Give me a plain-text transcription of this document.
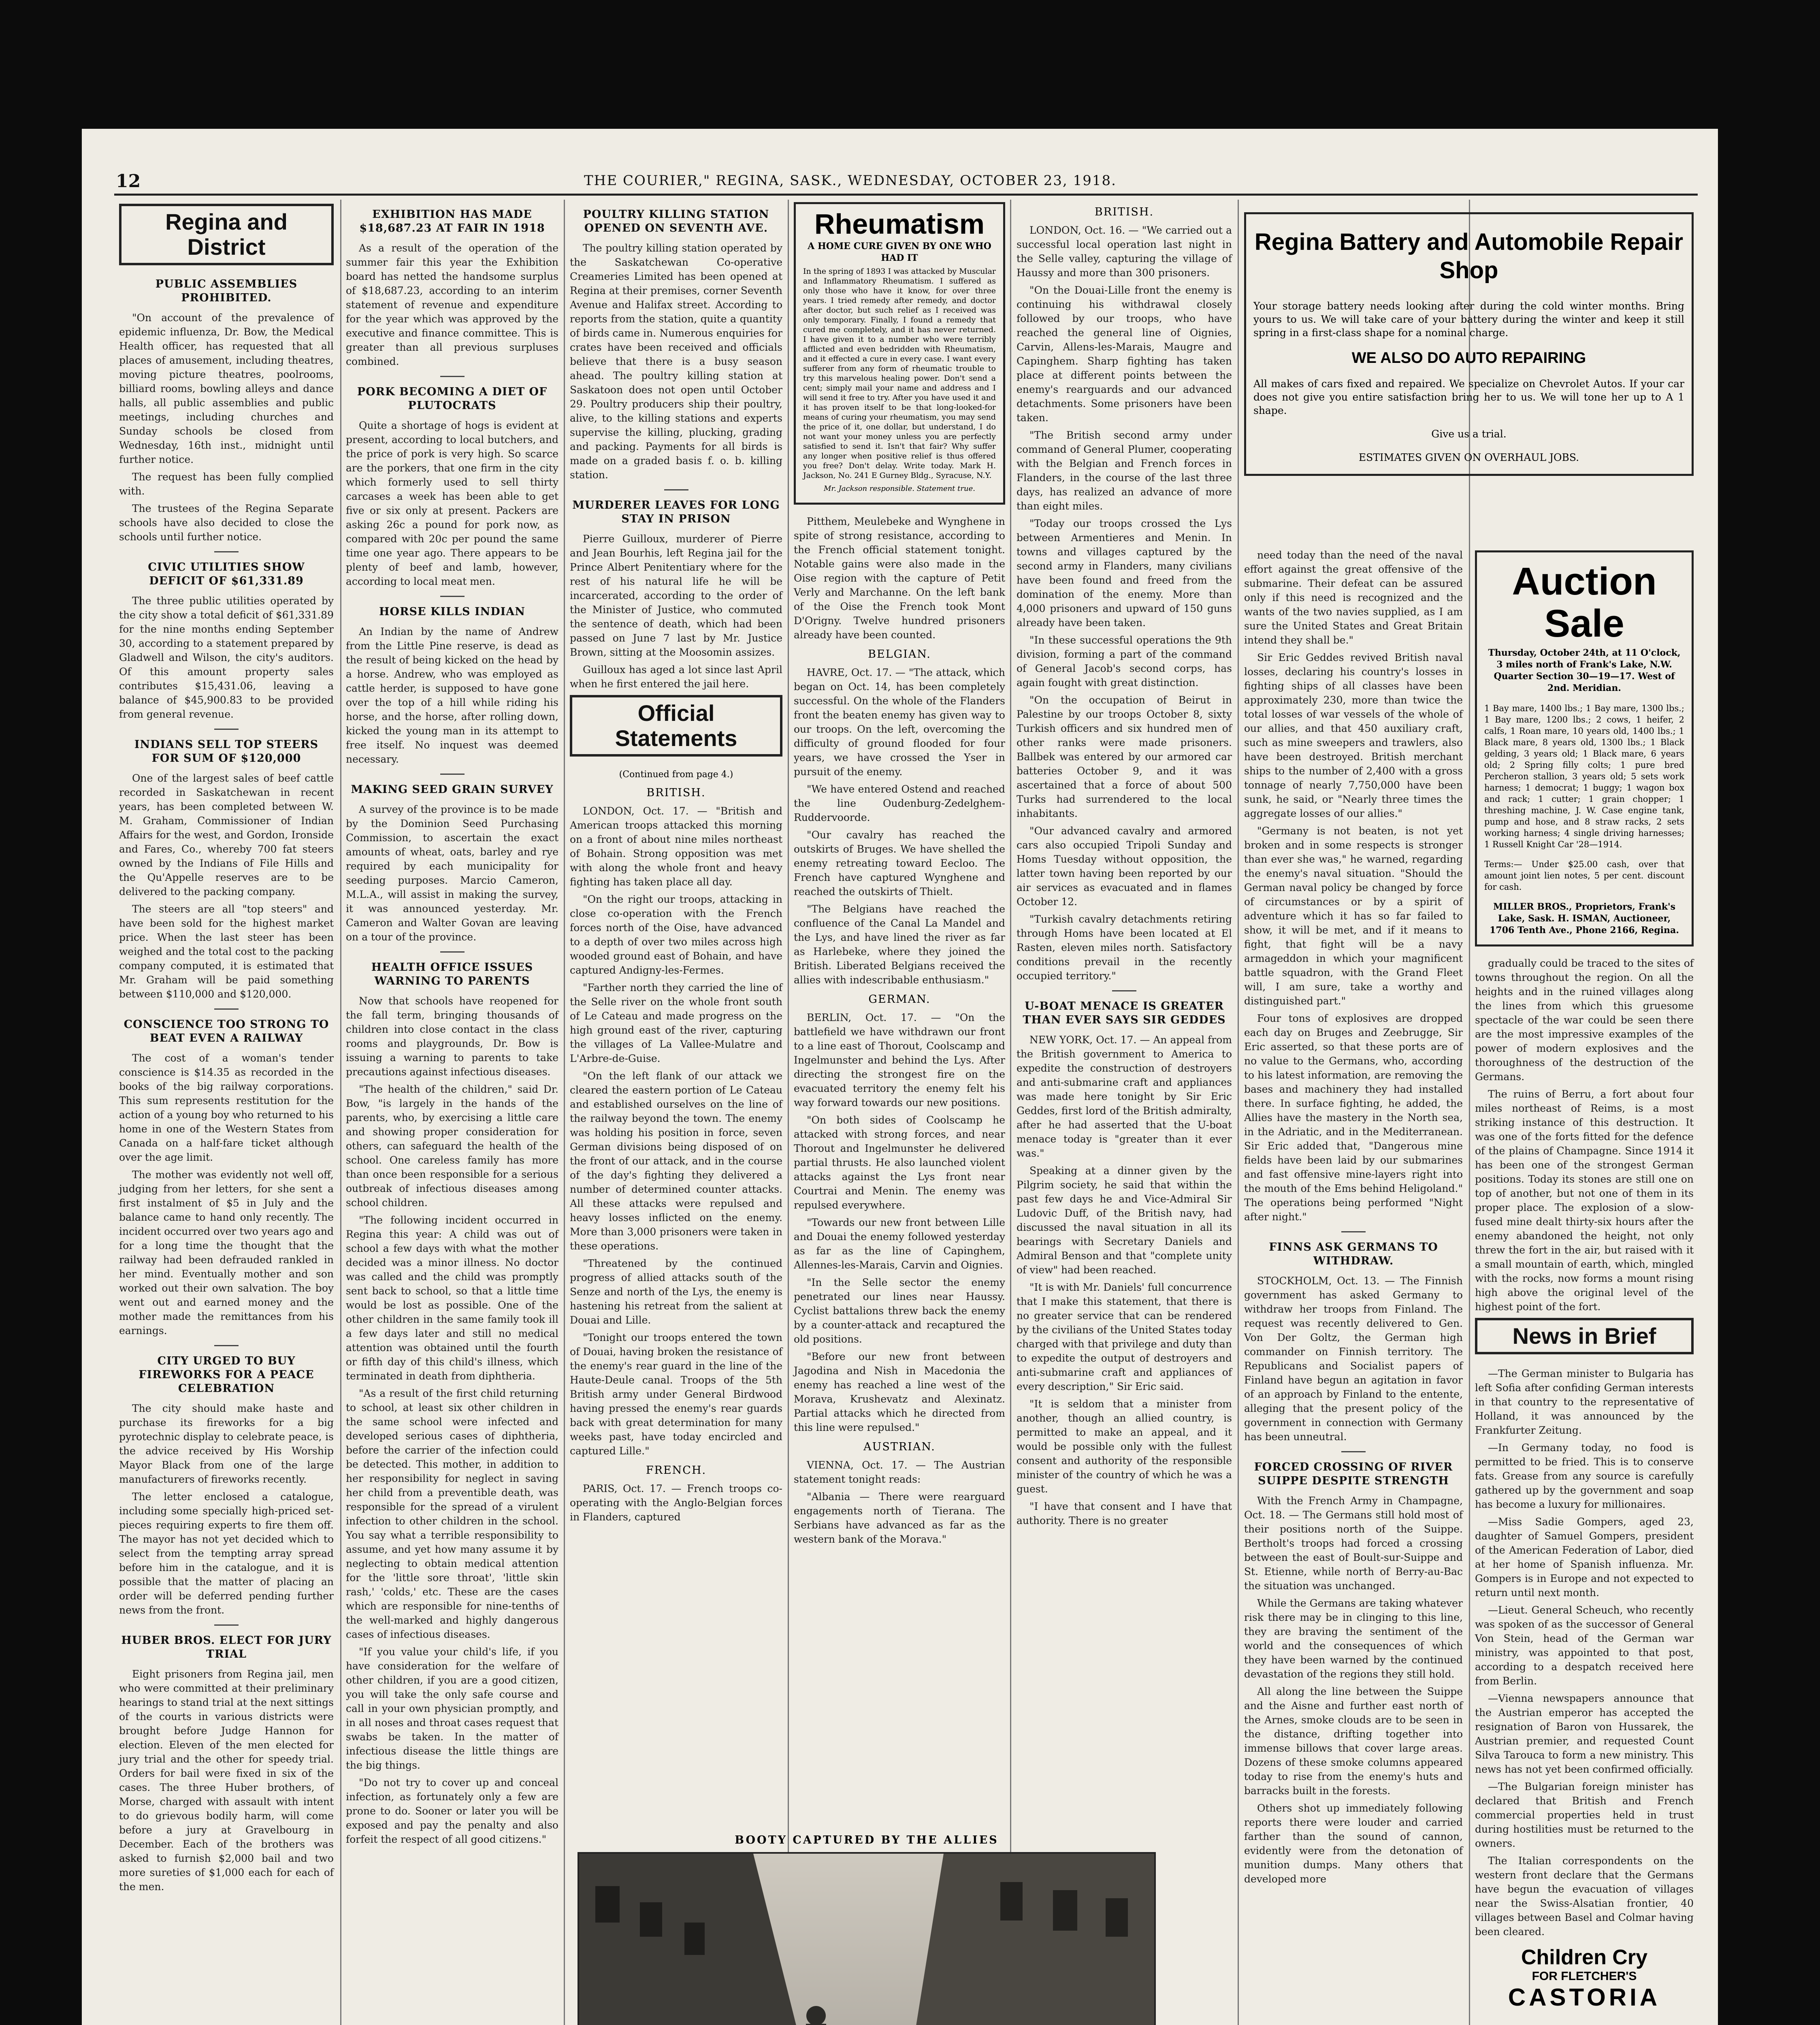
12	THE COURIER," REGINA, SASK., WEDNESDAY, OCTOBER 23, 1918.
Regina and District
PUBLIC ASSEMBLIES PROHIBITED.

"On account of the prevalence of epidemic influenza, Dr. Bow, the Medical Health officer, has requested that all places of amusement, including theatres, moving picture theatres, poolrooms, billiard rooms, bowling alleys and dance halls, all public assemblies and public meetings, including churches and Sunday schools be closed from Wednesday, 16th inst., midnight until further notice.

The request has been fully complied with.

The trustees of the Regina Separate schools have also decided to close the schools until further notice.

CIVIC UTILITIES SHOW DEFICIT OF $61,331.89

The three public utilities operated by the city show a total deficit of $61,331.89 for the nine months ending September 30, according to a statement prepared by Gladwell and Wilson, the city's auditors. Of this amount property sales contributes $15,431.06, leaving a balance of $45,900.83 to be provided from general revenue.

INDIANS SELL TOP STEERS FOR SUM OF $120,000

One of the largest sales of beef cattle recorded in Saskatchewan in recent years, has been completed between W. M. Graham, Commissioner of Indian Affairs for the west, and Gordon, Ironside and Fares, Co., whereby 700 fat steers owned by the Indians of File Hills and the Qu'Appelle reserves are to be delivered to the packing company.

The steers are all "top steers" and have been sold for the highest market price. When the last steer has been weighed and the total cost to the packing company computed, it is estimated that Mr. Graham will be paid something between $110,000 and $120,000.

CONSCIENCE TOO STRONG TO BEAT EVEN A RAILWAY

The cost of a woman's tender conscience is $14.35 as recorded in the books of the big railway corporations. This sum represents restitution for the action of a young boy who returned to his home in one of the Western States from Canada on a half-fare ticket although over the age limit.

The mother was evidently not well off, judging from her letters, for she sent a first instalment of $5 in July and the balance came to hand only recently. The incident occurred over two years ago and for a long time the thought that the railway had been defrauded rankled in her mind. Eventually mother and son worked out their own salvation. The boy went out and earned money and the mother made the remittances from his earnings.

CITY URGED TO BUY FIREWORKS FOR A PEACE CELEBRATION

The city should make haste and purchase its fireworks for a big pyrotechnic display to celebrate peace, is the advice received by His Worship Mayor Black from one of the large manufacturers of fireworks recently.

The letter enclosed a catalogue, including some specially high-priced set-pieces requiring experts to fire them off. The mayor has not yet decided which to select from the tempting array spread before him in the catalogue, and it is possible that the matter of placing an order will be deferred pending further news from the front.

HUBER BROS. ELECT FOR JURY TRIAL

Eight prisoners from Regina jail, men who were committed at their preliminary hearings to stand trial at the next sittings of the courts in various districts were brought before Judge Hannon for election. Eleven of the men elected for jury trial and the other for speedy trial. Orders for bail were fixed in six of the cases. The three Huber brothers, of Morse, charged with assault with intent to do grievous bodily harm, will come before a jury at Gravelbourg in December. Each of the brothers was asked to furnish $2,000 bail and two more sureties of $1,000 each for each of the men.

EXHIBITION HAS MADE $18,687.23 AT FAIR IN 1918

As a result of the operation of the summer fair this year the Exhibition board has netted the handsome surplus of $18,687.23, according to an interim statement of revenue and expenditure for the year which was approved by the executive and finance committee. This is greater than all previous surpluses combined.

PORK BECOMING A DIET OF PLUTOCRATS

Quite a shortage of hogs is evident at present, according to local butchers, and the price of pork is very high. So scarce are the porkers, that one firm in the city which formerly used to sell thirty carcases a week has been able to get five or six only at present. Packers are asking 26c a pound for pork now, as compared with 20c per pound the same time one year ago. There appears to be plenty of beef and lamb, however, according to local meat men.

HORSE KILLS INDIAN

An Indian by the name of Andrew from the Little Pine reserve, is dead as the result of being kicked on the head by a horse. Andrew, who was employed as cattle herder, is supposed to have gone over the top of a hill while riding his horse, and the horse, after rolling down, kicked the young man in its attempt to free itself. No inquest was deemed necessary.

MAKING SEED GRAIN SURVEY

A survey of the province is to be made by the Dominion Seed Purchasing Commission, to ascertain the exact amounts of wheat, oats, barley and rye required by each municipality for seeding purposes. Marcio Cameron, M.L.A., will assist in making the survey, it was announced yesterday. Mr. Cameron and Walter Govan are leaving on a tour of the province.

HEALTH OFFICE ISSUES WARNING TO PARENTS

Now that schools have reopened for the fall term, bringing thousands of children into close contact in the class rooms and playgrounds, Dr. Bow is issuing a warning to parents to take precautions against infectious diseases.

"The health of the children," said Dr. Bow, "is largely in the hands of the parents, who, by exercising a little care and showing proper consideration for others, can safeguard the health of the school. One careless family has more than once been responsible for a serious outbreak of infectious diseases among school children.

"The following incident occurred in Regina this year: A child was out of school a few days with what the mother decided was a minor illness. No doctor was called and the child was promptly sent back to school, so that a little time would be lost as possible. One of the other children in the same family took ill a few days later and still no medical attention was obtained until the fourth or fifth day of this child's illness, which terminated in death from diphtheria.

"As a result of the first child returning to school, at least six other children in the same school were infected and developed serious cases of diphtheria, before the carrier of the infection could be detected. This mother, in addition to her responsibility for neglect in saving her child from a preventible death, was responsible for the spread of a virulent infection to other children in the school. You say what a terrible responsibility to assume, and yet how many assume it by neglecting to obtain medical attention for the 'little sore throat', 'little skin rash,' 'colds,' etc. These are the cases which are responsible for nine-tenths of the well-marked and highly dangerous cases of infectious diseases.

"If you value your child's life, if you have consideration for the welfare of other children, if you are a good citizen, you will take the only safe course and call in your own physician promptly, and in all noses and throat cases request that swabs be taken. In the matter of infectious disease the little things are the big things.

"Do not try to cover up and conceal infection, as fortunately only a few are prone to do. Sooner or later you will be exposed and pay the penalty and also forfeit the respect of all good citizens."

POULTRY KILLING STATION OPENED ON SEVENTH AVE.

The poultry killing station operated by the Saskatchewan Co-operative Creameries Limited has been opened at Regina at their premises, corner Seventh Avenue and Halifax street. According to reports from the station, quite a quantity of birds came in. Numerous enquiries for crates have been received and officials believe that there is a busy season ahead. The poultry killing station at Saskatoon does not open until October 29. Poultry producers ship their poultry, alive, to the killing stations and experts supervise the killing, plucking, grading and packing. Payments for all birds is made on a graded basis f. o. b. killing station.

MURDERER LEAVES FOR LONG STAY IN PRISON

Pierre Guilloux, murderer of Pierre and Jean Bourhis, left Regina jail for the Prince Albert Penitentiary where for the rest of his natural life he will be incarcerated, according to the order of the Minister of Justice, who commuted the sentence of death, which had been passed on June 7 last by Mr. Justice Brown, sitting at the Moosomin assizes.

Guilloux has aged a lot since last April when he first entered the jail here.

Official Statements
(Continued from page 4.)
BRITISH.

LONDON, Oct. 17. — "British and American troops attacked this morning on a front of about nine miles northeast of Bohain. Strong opposition was met with along the whole front and heavy fighting has taken place all day.

"On the right our troops, attacking in close co-operation with the French forces north of the Oise, have advanced to a depth of over two miles across high wooded ground east of Bohain, and have captured Andigny-les-Fermes.

"Farther north they carried the line of the Selle river on the whole front south of Le Cateau and made progress on the high ground east of the river, capturing the villages of La Vallee-Mulatre and L'Arbre-de-Guise.

"On the left flank of our attack we cleared the eastern portion of Le Cateau and established ourselves on the line of the railway beyond the town. The enemy was holding his position in force, seven German divisions being disposed of on the front of our attack, and in the course of the day's fighting they delivered a number of determined counter attacks. All these attacks were repulsed and heavy losses inflicted on the enemy. More than 3,000 prisoners were taken in these operations.

"Threatened by the continued progress of allied attacks south of the Senze and north of the Lys, the enemy is hastening his retreat from the salient at Douai and Lille.

"Tonight our troops entered the town of Douai, having broken the resistance of the enemy's rear guard in the line of the Haute-Deule canal. Troops of the 5th British army under General Birdwood having pressed the enemy's rear guards back with great determination for many weeks past, have today encircled and captured Lille."

FRENCH.

PARIS, Oct. 17. — French troops co-operating with the Anglo-Belgian forces in Flanders, captured

Rheumatism
A HOME CURE GIVEN BY ONE WHO HAD IT
In the spring of 1893 I was attacked by Muscular and Inflammatory Rheumatism. I suffered as only those who have it know, for over three years. I tried remedy after remedy, and doctor after doctor, but such relief as I received was only temporary. Finally, I found a remedy that cured me completely, and it has never returned. I have given it to a number who were terribly afflicted and even bedridden with Rheumatism, and it effected a cure in every case. I want every sufferer from any form of rheumatic trouble to try this marvelous healing power. Don't send a cent; simply mail your name and address and I will send it free to try. After you have used it and it has proven itself to be that long-looked-for means of curing your rheumatism, you may send the price of it, one dollar, but understand, I do not want your money unless you are perfectly satisfied to send it. Isn't that fair? Why suffer any longer when positive relief is thus offered you free? Don't delay. Write today. Mark H. Jackson, No. 241 E Gurney Bldg., Syracuse, N.Y.
Mr. Jackson responsible. Statement true.

Pitthem, Meulebeke and Wynghene in spite of strong resistance, according to the French official statement tonight. Notable gains were also made in the Oise region with the capture of Petit Verly and Marchanne. On the left bank of the Oise the French took Mont D'Origny. Twelve hundred prisoners already have been counted.

BELGIAN.

HAVRE, Oct. 17. — "The attack, which began on Oct. 14, has been completely successful. On the whole of the Flanders front the beaten enemy has given way to our troops. On the left, overcoming the difficulty of ground flooded for four years, we have crossed the Yser in pursuit of the enemy.

"We have entered Ostend and reached the line Oudenburg-Zedelghem-Ruddervoorde.

"Our cavalry has reached the outskirts of Bruges. We have shelled the enemy retreating toward Eecloo. The French have captured Wynghene and reached the outskirts of Thielt.

"The Belgians have reached the confluence of the Canal La Mandel and the Lys, and have lined the river as far as Harlebeke, where they joined the British. Liberated Belgians received the allies with indescribable enthusiasm."

GERMAN.

BERLIN, Oct. 17. — "On the battlefield we have withdrawn our front to a line east of Thorout, Coolscamp and Ingelmunster and behind the Lys. After directing the strongest fire on the evacuated territory the enemy felt his way forward towards our new positions.

"On both sides of Coolscamp he attacked with strong forces, and near Thorout and Ingelmunster he delivered partial thrusts. He also launched violent attacks against the Lys front near Courtrai and Menin. The enemy was repulsed everywhere.

"Towards our new front between Lille and Douai the enemy followed yesterday as far as the line of Capinghem, Allennes-les-Marais, Carvin and Oignies.

"In the Selle sector the enemy penetrated our lines near Haussy. Cyclist battalions threw back the enemy by a counter-attack and recaptured the old positions.

"Before our new front between Jagodina and Nish in Macedonia the enemy has reached a line west of the Morava, Krushevatz and Alexinatz. Partial attacks which he directed from this line were repulsed."

AUSTRIAN.

VIENNA, Oct. 17. — The Austrian statement tonight reads:

"Albania — There were rearguard engagements north of Tierana. The Serbians have advanced as far as the western bank of the Morava."

BRITISH.

LONDON, Oct. 16. — "We carried out a successful local operation last night in the Selle valley, capturing the village of Haussy and more than 300 prisoners.

"On the Douai-Lille front the enemy is continuing his withdrawal closely followed by our troops, who have reached the general line of Oignies, Carvin, Allens-les-Marais, Maugre and Capinghem. Sharp fighting has taken place at different points between the enemy's rearguards and our advanced detachments. Some prisoners have been taken.

"The British second army under command of General Plumer, cooperating with the Belgian and French forces in Flanders, in the course of the last three days, has realized an advance of more than eight miles.

"Today our troops crossed the Lys between Armentieres and Menin. In towns and villages captured by the second army in Flanders, many civilians have been found and freed from the domination of the enemy. More than 4,000 prisoners and upward of 150 guns already have been taken.

"In these successful operations the 9th division, forming a part of the command of General Jacob's second corps, has again fought with great distinction.

"On the occupation of Beirut in Palestine by our troops October 8, sixty Turkish officers and six hundred men of other ranks were made prisoners. Ballbek was entered by our armored car batteries October 9, and it was ascertained that a force of about 500 Turks had surrendered to the local inhabitants.

"Our advanced cavalry and armored cars also occupied Tripoli Sunday and Homs Tuesday without opposition, the latter town having been reported by our air services as evacuated and in flames October 12.

"Turkish cavalry detachments retiring through Homs have been located at El Rasten, eleven miles north. Satisfactory conditions prevail in the recently occupied territory."

U-BOAT MENACE IS GREATER THAN EVER SAYS SIR GEDDES

NEW YORK, Oct. 17. — An appeal from the British government to America to expedite the construction of destroyers and anti-submarine craft and appliances was made here tonight by Sir Eric Geddes, first lord of the British admiralty, after he had asserted that the U-boat menace today is "greater than it ever was."

Speaking at a dinner given by the Pilgrim society, he said that within the past few days he and Vice-Admiral Sir Ludovic Duff, of the British navy, had discussed the naval situation in all its bearings with Secretary Daniels and Admiral Benson and that "complete unity of view" had been reached.

"It is with Mr. Daniels' full concurrence that I make this statement, that there is no greater service that can be rendered by the civilians of the United States today charged with that privilege and duty than to expedite the output of destroyers and anti-submarine craft and appliances of every description," Sir Eric said.

"It is seldom that a minister from another, though an allied country, is permitted to make an appeal, and it would be possible only with the fullest consent and authority of the responsible minister of the country of which he was a guest.

"I have that consent and I have that authority. There is no greater

Regina Battery and Automobile Repair Shop

Your storage battery needs looking after during the cold winter months. Bring yours to us. We will take care of your battery during the winter and keep it still spring in a first-class shape for a nominal charge.

WE ALSO DO AUTO REPAIRING

All makes of cars fixed and repaired. We specialize on Chevrolet Autos. If your car does not give you entire satisfaction bring her to us. We will tone her up to A 1 shape.

Give us a trial.

ESTIMATES GIVEN ON OVERHAUL JOBS.

need today than the need of the naval effort against the great offensive of the submarine. Their defeat can be assured only if this need is recognized and the wants of the two navies supplied, as I am sure the United States and Great Britain intend they shall be."

Sir Eric Geddes revived British naval losses, declaring his country's losses in fighting ships of all classes have been approximately 230, more than twice the total losses of war vessels of the whole of our allies, and that 450 auxiliary craft, such as mine sweepers and trawlers, also have been destroyed. British merchant ships to the number of 2,400 with a gross tonnage of nearly 7,750,000 have been sunk, he said, or "Nearly three times the aggregate losses of our allies."

"Germany is not beaten, is not yet broken and in some respects is stronger than ever she was," he warned, regarding the enemy's naval situation. "Should the German naval policy be changed by force of circumstances or by a spirit of adventure which it has so far failed to show, it will be met, and if it means to fight, that fight will be a navy armageddon in which your magnificent battle squadron, with the Grand Fleet will, I am sure, take a worthy and distinguished part."

Four tons of explosives are dropped each day on Bruges and Zeebrugge, Sir Eric asserted, so that these ports are of no value to the Germans, who, according to his latest information, are removing the bases and machinery they had installed there. In surface fighting, he added, the Allies have the mastery in the North sea, in the Adriatic, and in the Mediterranean. Sir Eric added that, "Dangerous mine fields have been laid by our submarines and fast offensive mine-layers right into the mouth of the Ems behind Heligoland." The operations being performed "Night after night."

FINNS ASK GERMANS TO WITHDRAW.

STOCKHOLM, Oct. 13. — The Finnish government has asked Germany to withdraw her troops from Finland. The request was recently delivered to Gen. Von Der Goltz, the German high commander on Finnish territory. The Republicans and Socialist papers of Finland have begun an agitation in favor of an approach by Finland to the entente, alleging that the present policy of the government in connection with Germany has been unneutral.

FORCED CROSSING OF RIVER SUIPPE DESPITE STRENGTH

With the French Army in Champagne, Oct. 18. — The Germans still hold most of their positions north of the Suippe. Bertholt's troops had forced a crossing between the east of Boult-sur-Suippe and St. Etienne, while north of Berry-au-Bac the situation was unchanged.

While the Germans are taking whatever risk there may be in clinging to this line, they are braving the sentiment of the world and the consequences of which they have been warned by the continued devastation of the regions they still hold.

All along the line between the Suippe and the Aisne and further east north of the Arnes, smoke clouds are to be seen in the distance, drifting together into immense billows that cover large areas. Dozens of these smoke columns appeared today to rise from the enemy's huts and barracks built in the forests.

Others shot up immediately following reports there were louder and carried farther than the sound of cannon, evidently were from the detonation of munition dumps. Many others that developed more

Auction Sale
Thursday, October 24th, at 11 O'clock, 3 miles north of Frank's Lake, N.W. Quarter Section 30—19—17. West of 2nd. Meridian.

1 Bay mare, 1400 lbs.; 1 Bay mare, 1300 lbs.; 1 Bay mare, 1200 lbs.; 2 cows, 1 heifer, 2 calfs, 1 Roan mare, 10 years old, 1400 lbs.; 1 Black mare, 8 years old, 1300 lbs.; 1 Black gelding, 3 years old; 1 Black mare, 6 years old; 2 Spring filly colts; 1 pure bred Percheron stallion, 3 years old; 5 sets work harness; 1 democrat; 1 buggy; 1 wagon box and rack; 1 cutter; 1 grain chopper; 1 threshing machine, J. W. Case engine tank, pump and hose, and 8 straw racks, 2 sets working harness; 4 single driving harnesses; 1 Russell Knight Car '28—1914.

Terms:— Under $25.00 cash, over that amount joint lien notes, 5 per cent. discount for cash.

MILLER BROS., Proprietors, Frank's Lake, Sask. H. ISMAN, Auctioneer, 1706 Tenth Ave., Phone 2166, Regina.

gradually could be traced to the sites of towns throughout the region. On all the heights and in the ruined villages along the lines from which this gruesome spectacle of the war could be seen there are the most impressive examples of the power of modern explosives and the thoroughness of the destruction of the Germans.

The ruins of Berru, a fort about four miles northeast of Reims, is a most striking instance of this destruction. It was one of the forts fitted for the defence of the plains of Champagne. Since 1914 it has been one of the strongest German positions. Today its stones are still one on top of another, but not one of them in its proper place. The explosion of a slow-fused mine dealt thirty-six hours after the enemy abandoned the height, not only threw the fort in the air, but raised with it a small mountain of earth, which, mingled with the rocks, now forms a mount rising high above the original level of the highest point of the fort.

News in Brief

—The German minister to Bulgaria has left Sofia after confiding German interests in that country to the representative of Holland, it was announced by the Frankfurter Zeitung.

—In Germany today, no food is permitted to be fried. This is to conserve fats. Grease from any source is carefully gathered up by the government and soap has become a luxury for millionaires.

—Miss Sadie Gompers, aged 23, daughter of Samuel Gompers, president of the American Federation of Labor, died at her home of Spanish influenza. Mr. Gompers is in Europe and not expected to return until next month.

—Lieut. General Scheuch, who recently was spoken of as the successor of General Von Stein, head of the German war ministry, was appointed to that post, according to a despatch received here from Berlin.

—Vienna newspapers announce that the Austrian emperor has accepted the resignation of Baron von Hussarek, the Austrian premier, and requested Count Silva Tarouca to form a new ministry. This news has not yet been confirmed officially.

—The Bulgarian foreign minister has declared that British and French commercial properties held in trust during hostilities must be returned to the owners.

The Italian correspondents on the western front declare that the Germans have begun the evacuation of villages near the Swiss-Alsatian frontier, 40 villages between Basel and Colmar having been cleared.

Children Cry
FOR FLETCHER'S
CASTORIA
BOOTY CAPTURED BY THE ALLIES
